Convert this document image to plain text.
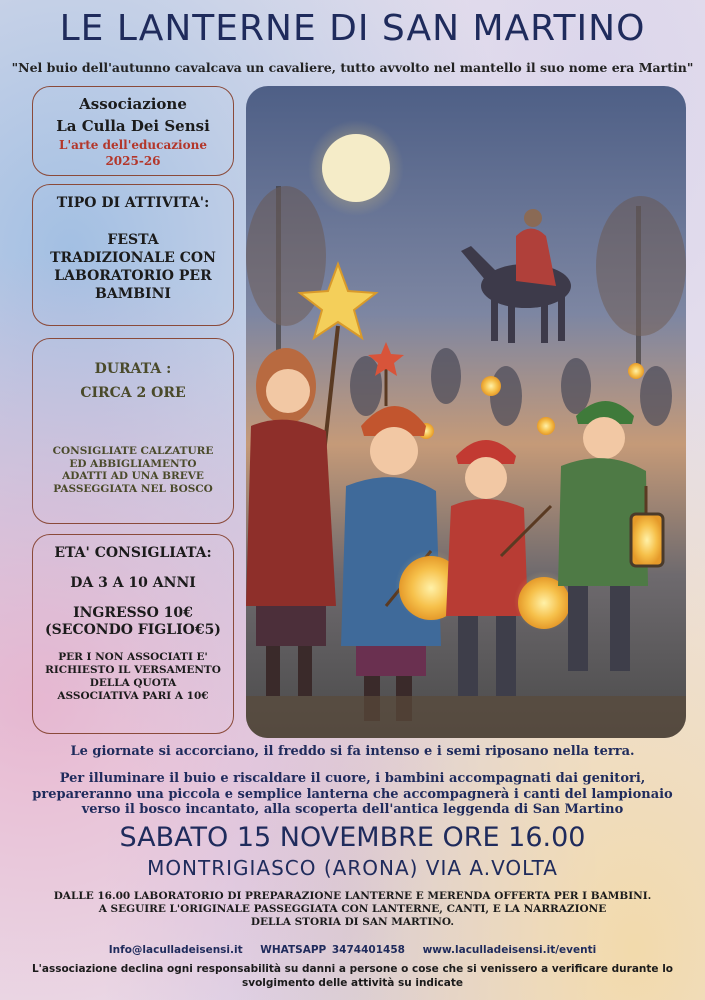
LE LANTERNE DI SAN MARTINO
"Nel buio dell'autunno cavalcava un cavaliere, tutto avvolto nel mantello il suo nome era Martin"
Associazione
La Culla Dei Sensi
L'arte dell'educazione
2025-26
TIPO DI ATTIVITA':
FESTA
TRADIZIONALE CON
LABORATORIO PER
BAMBINI
DURATA :
CIRCA 2 ORE
CONSIGLIATE CALZATURE
ED ABBIGLIAMENTO
ADATTI AD UNA BREVE
PASSEGGIATA NEL BOSCO
ETA' CONSIGLIATA:
DA 3 A 10 ANNI
INGRESSO 10€
(SECONDO FIGLIO€5)
PER I NON ASSOCIATI E'
RICHIESTO IL VERSAMENTO
DELLA QUOTA
ASSOCIATIVA PARI A 10€
Le giornate si accorciano, il freddo si fa intenso e i semi riposano nella terra.
Per illuminare il buio e riscaldare il cuore, i bambini accompagnati dai genitori,
prepareranno una piccola e semplice lanterna che accompagnerà i canti del lampionaio
verso il bosco incantato, alla scoperta dell'antica leggenda di San Martino
SABATO 15 NOVEMBRE ORE 16.00
MONTRIGIASCO (ARONA) VIA A.VOLTA
DALLE 16.00 LABORATORIO DI PREPARAZIONE LANTERNE E MERENDA OFFERTA PER I BAMBINI.
A SEGUIRE L'ORIGINALE PASSEGGIATA CON LANTERNE, CANTI, E LA NARRAZIONE
DELLA STORIA DI SAN MARTINO.
Info@laculladeisensi.it WHATSAPP 3474401458 www.laculladeisensi.it/eventi
L'associazione declina ogni responsabilità su danni a persone o cose che si venissero a verificare durante lo svolgimento delle attività su indicate
